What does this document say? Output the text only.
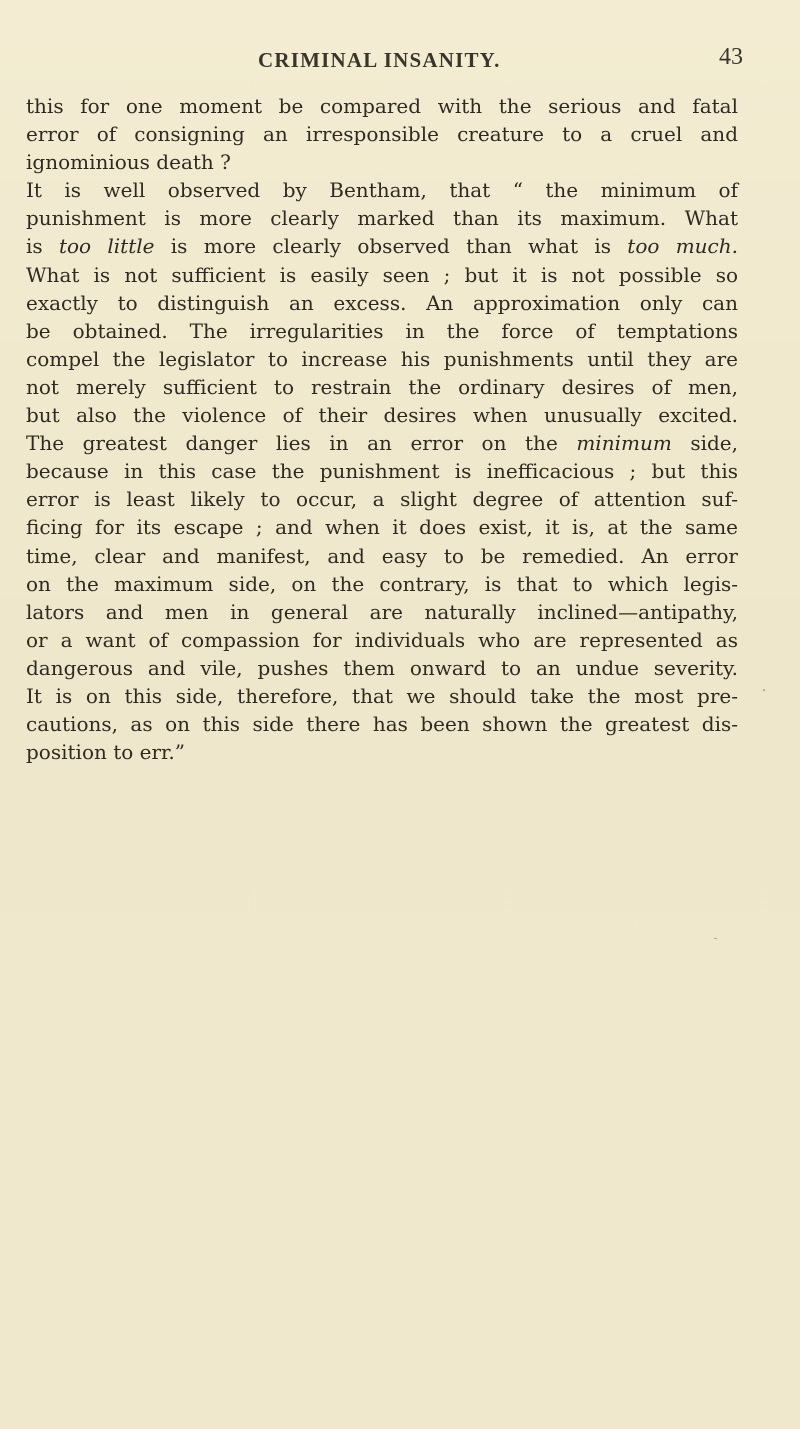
CRIMINAL INSANITY.	43
this for one moment be compared with the serious and fatal
error of consigning an irresponsible creature to a cruel and
ignominious death ?
It is well observed by Bentham, that “ the minimum of
punishment is more clearly marked than its maximum. What
is too little is more clearly observed than what is too much.
What is not sufficient is easily seen ; but it is not possible so
exactly to distinguish an excess. An approximation only can
be obtained. The irregularities in the force of temptations
compel the legislator to increase his punishments until they are
not merely sufficient to restrain the ordinary desires of men,
but also the violence of their desires when unusually excited.
The greatest danger lies in an error on the minimum side,
because in this case the punishment is inefficacious ; but this
error is least likely to occur, a slight degree of attention suf-
ficing for its escape ; and when it does exist, it is, at the same
time, clear and manifest, and easy to be remedied. An error
on the maximum side, on the contrary, is that to which legis-
lators and men in general are naturally inclined—antipathy,
or a want of compassion for individuals who are represented as
dangerous and vile, pushes them onward to an undue severity.
It is on this side, therefore, that we should take the most pre-
cautions, as on this side there has been shown the greatest dis-
position to err.”
.
`
